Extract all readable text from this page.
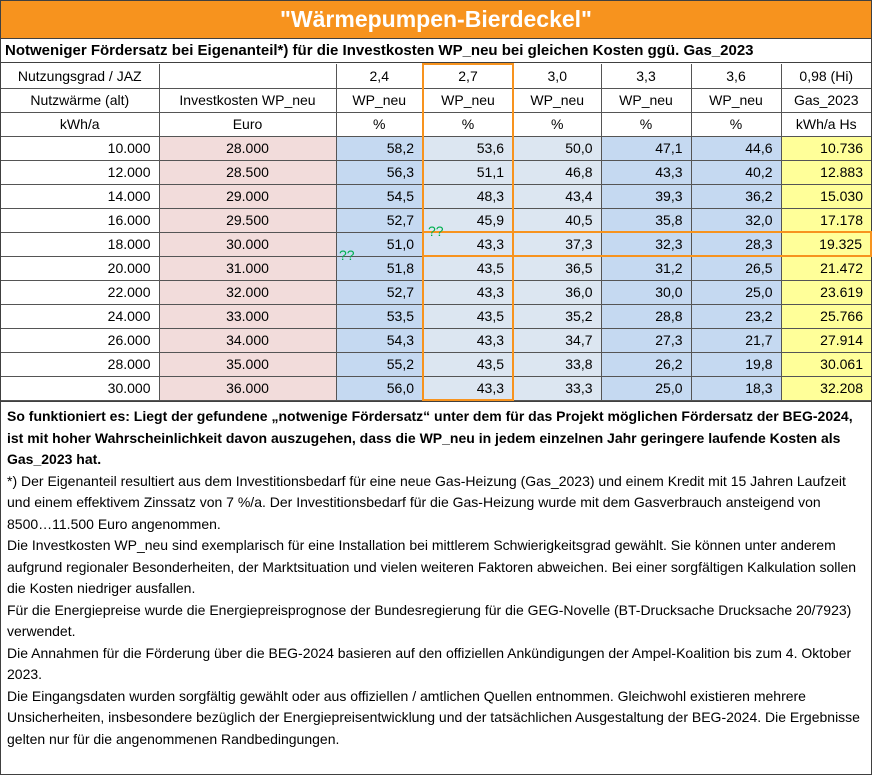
"Wärmepumpen-Bierdeckel"
Notweniger Fördersatz bei Eigenanteil*) für die Investkosten WP_neu bei gleichen Kosten ggü. Gas_2023
Nutzungsgrad / JAZ		2,4	2,7	3,0	3,3	3,6	0,98 (Hi)
Nutzwärme (alt)	Investkosten WP_neu	WP_neu	WP_neu	WP_neu	WP_neu	WP_neu	Gas_2023
kWh/a	Euro	%	%	%	%	%	kWh/a Hs
10.000	28.000	58,2	53,6	50,0	47,1	44,6	10.736
12.000	28.500	56,3	51,1	46,8	43,3	40,2	12.883
14.000	29.000	54,5	48,3	43,4	39,3	36,2	15.030
16.000	29.500	52,7	45,9	40,5	35,8	32,0	17.178
18.000	30.000	51,0	43,3	37,3	32,3	28,3	19.325
20.000	31.000	51,8	43,5	36,5	31,2	26,5	21.472
22.000	32.000	52,7	43,3	36,0	30,0	25,0	23.619
24.000	33.000	53,5	43,5	35,2	28,8	23,2	25.766
26.000	34.000	54,3	43,3	34,7	27,3	21,7	27.914
28.000	35.000	55,2	43,5	33,8	26,2	19,8	30.061
30.000	36.000	56,0	43,3	33,3	25,0	18,3	32.208
??
??

So funktioniert es: Liegt der gefundene „notwenige Fördersatz“ unter dem für das Projekt möglichen Fördersatz der BEG-2024, ist mit hoher Wahrscheinlichkeit davon auszugehen, dass die WP_neu in jedem einzelnen Jahr geringere laufende Kosten als Gas_2023 hat.

*) Der Eigenanteil resultiert aus dem Investitionsbedarf für eine neue Gas-Heizung (Gas_2023) und einem Kredit mit 15 Jahren Laufzeit und einem effektivem Zinssatz von 7 %/a. Der Investitionsbedarf für die Gas-Heizung wurde mit dem Gasverbrauch ansteigend von 8500…11.500 Euro angenommen.

Die Investkosten WP_neu sind exemplarisch für eine Installation bei mittlerem Schwierigkeitsgrad gewählt. Sie können unter anderem aufgrund regionaler Besonderheiten, der Marktsituation und vielen weiteren Faktoren abweichen. Bei einer sorgfältigen Kalkulation sollen die Kosten niedriger ausfallen.

Für die Energiepreise wurde die Energiepreisprognose der Bundesregierung für die GEG-Novelle (BT-Drucksache Drucksache 20/7923) verwendet.

Die Annahmen für die Förderung über die BEG-2024 basieren auf den offiziellen Ankündigungen der Ampel-Koalition bis zum 4. Oktober 2023.

Die Eingangsdaten wurden sorgfältig gewählt oder aus offiziellen / amtlichen Quellen entnommen. Gleichwohl existieren mehrere Unsicherheiten, insbesondere bezüglich der Energiepreisentwicklung und der tatsächlichen Ausgestaltung der BEG-2024. Die Ergebnisse gelten nur für die angenommenen Randbedingungen.
